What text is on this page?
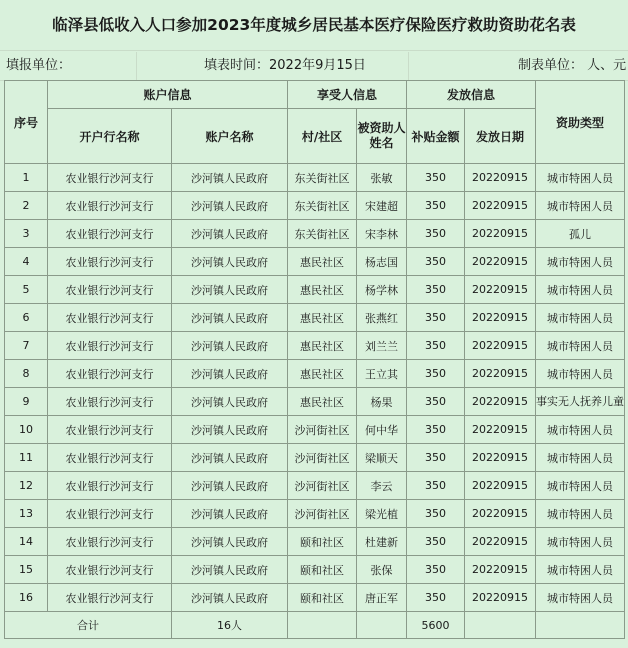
临泽县低收入人口参加2023年度城乡居民基本医疗保险医疗救助资助花名表
填报单位：	填表时间：2022年9月15日	制表单位： 人、元
序号	账户信息		享受人信息		发放信息		资助类型
	开户行名称	账户名称	村/社区	被资助人姓名	补贴金额	发放日期	
1	农业银行沙河支行	沙河镇人民政府	东关街社区	张敏	350	20220915	城市特困人员
2	农业银行沙河支行	沙河镇人民政府	东关街社区	宋建超	350	20220915	城市特困人员
3	农业银行沙河支行	沙河镇人民政府	东关街社区	宋李林	350	20220915	孤儿
4	农业银行沙河支行	沙河镇人民政府	惠民社区	杨志国	350	20220915	城市特困人员
5	农业银行沙河支行	沙河镇人民政府	惠民社区	杨学林	350	20220915	城市特困人员
6	农业银行沙河支行	沙河镇人民政府	惠民社区	张燕红	350	20220915	城市特困人员
7	农业银行沙河支行	沙河镇人民政府	惠民社区	刘兰兰	350	20220915	城市特困人员
8	农业银行沙河支行	沙河镇人民政府	惠民社区	王立其	350	20220915	城市特困人员
9	农业银行沙河支行	沙河镇人民政府	惠民社区	杨果	350	20220915	事实无人抚养儿童
10	农业银行沙河支行	沙河镇人民政府	沙河街社区	何中华	350	20220915	城市特困人员
11	农业银行沙河支行	沙河镇人民政府	沙河街社区	梁顺天	350	20220915	城市特困人员
12	农业银行沙河支行	沙河镇人民政府	沙河街社区	李云	350	20220915	城市特困人员
13	农业银行沙河支行	沙河镇人民政府	沙河街社区	梁光植	350	20220915	城市特困人员
14	农业银行沙河支行	沙河镇人民政府	颐和社区	杜建新	350	20220915	城市特困人员
15	农业银行沙河支行	沙河镇人民政府	颐和社区	张保	350	20220915	城市特困人员
16	农业银行沙河支行	沙河镇人民政府	颐和社区	唐正军	350	20220915	城市特困人员
合计		16人			5600		
